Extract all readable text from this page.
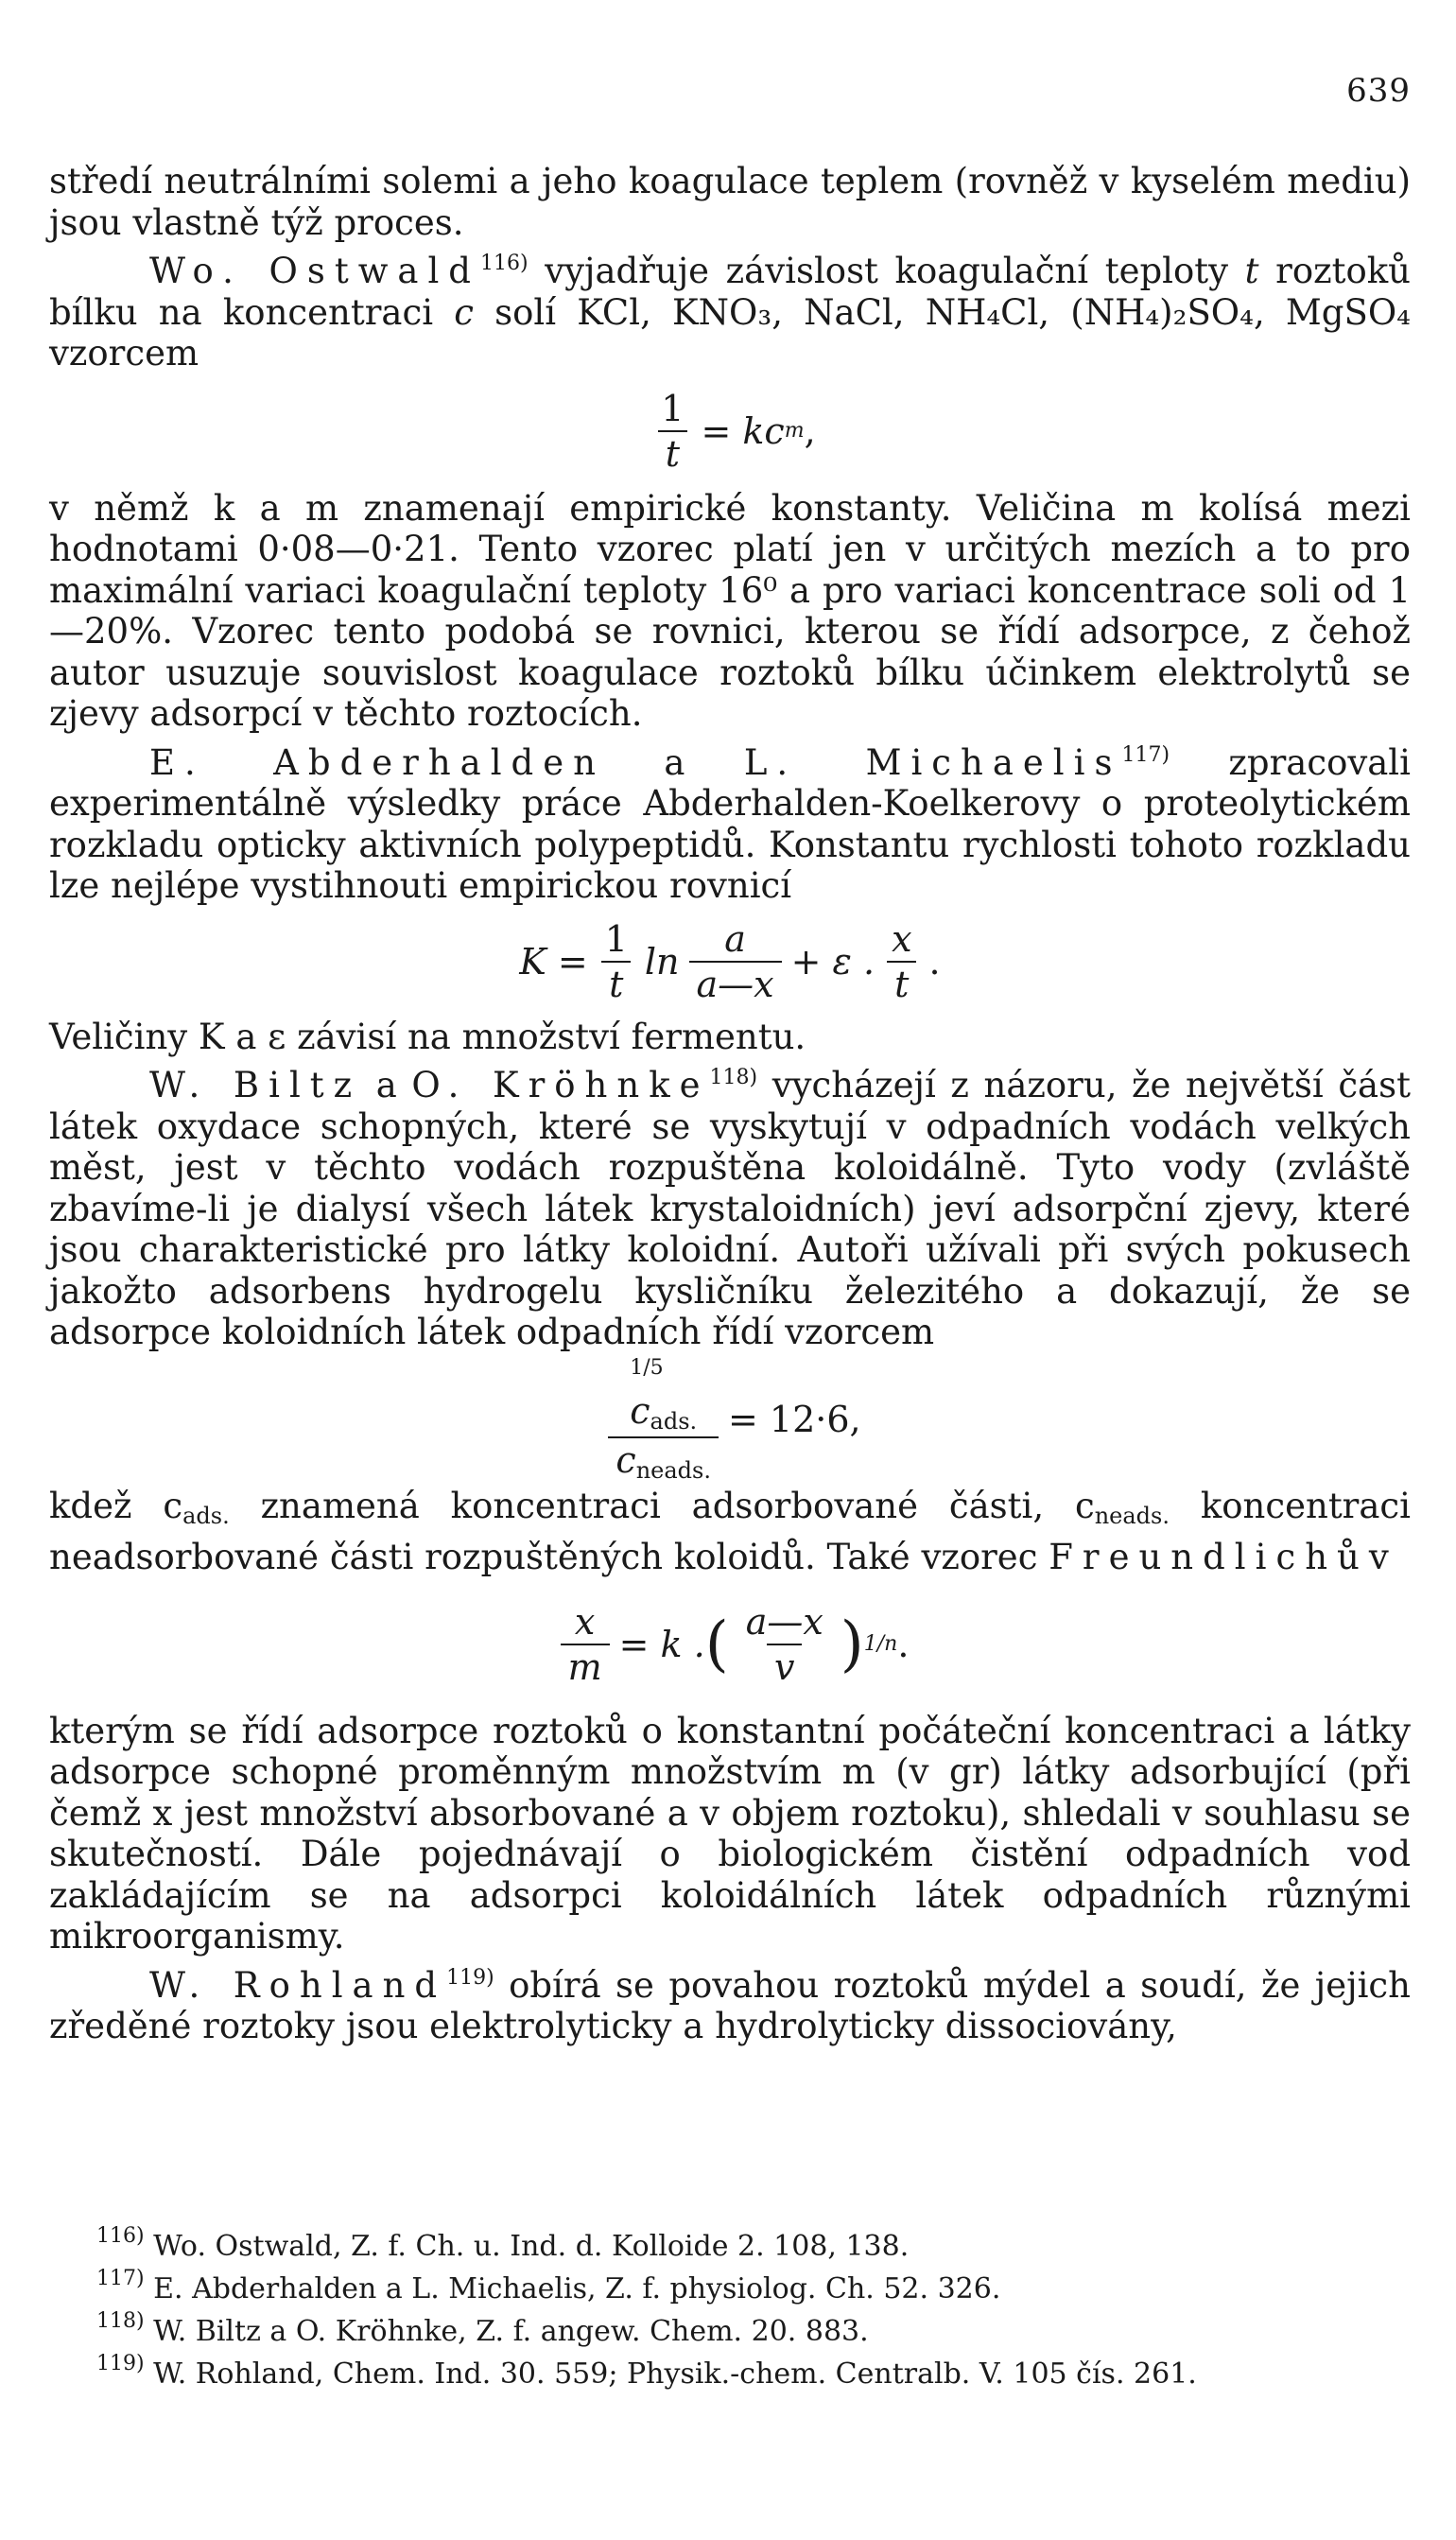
639

středí neutrálními solemi a jeho koagulace teplem (rovněž v kyselém mediu) jsou vlastně týž proces.

Wo. Ostwald$^{116)}$ vyjadřuje závislost koagulační teploty t roztoků bílku na koncentraci c solí KCl, KNO₃, NaCl, NH₄Cl, (NH₄)₂SO₄, MgSO₄ vzorcem

$\frac{1}{t}$ = kc m ,

v němž k a m znamenají empirické konstanty. Veličina m kolísá mezi hodnotami 0·08—0·21. Tento vzorec platí jen v určitých mezích a to pro maximální variaci koagulační teploty 16⁰ a pro variaci koncentrace soli od 1—20%. Vzorec tento podobá se rovnici, kterou se řídí adsorpce, z čehož autor usuzuje souvislost koagulace roztoků bílku účinkem elektrolytů se zjevy adsorpcí v těchto roztocích.

E. Abderhalden a L. Michaelis$^{117)}$ zpracovali experimentálně výsledky práce Abderhalden-Koelkerovy o proteolytickém rozkladu opticky aktivních polypeptidů. Konstantu rychlosti tohoto rozkladu lze nejlépe vystihnouti empirickou rovnicí

$K = \frac{1}{t}$ $\ln \frac{a}{a—x} + \varepsilon$ . $\frac{x}{t}$ .

Veličiny K a ε závisí na množství fermentu.

W. Biltz a O. Kröhnke$^{118)}$ vycházejí z názoru, že největší část látek oxydace schopných, které se vyskytují v odpadních vodách velkých měst, jest v těchto vodách rozpuštěna koloidálně. Tyto vody (zvláště zbavíme-li je dialysí všech látek krystaloidních) jeví adsorpční zjevy, které jsou charakteristické pro látky koloidní. Autoři užívali při svých pokusech jakožto adsorbens hydrogelu kysličníku železitého a dokazují, že se adsorpce koloidních látek odpadních řídí vzorcem

$^{1/5}$
$c_{ads.}$
$c_{neads.}$
= 12·6,

kdež $c_{ads.}$ znamená koncentraci adsorbované části, $c_{neads.}$ koncentraci neadsorbované části rozpuštěných koloidů. Také vzorec Freundlichův

$\frac{x}{m} = k$ . ( $\frac{a—x}{v}$ ) 1/n .

kterým se řídí adsorpce roztoků o konstantní počáteční koncentraci a látky adsorpce schopné proměnným množstvím m (v gr) látky adsorbující (při čemž x jest množství absorbované a v objem roztoku), shledali v souhlasu se skutečností. Dále pojednávají o biologickém čistění odpadních vod zakládajícím se na adsorpci koloidálních látek odpadních různými mikroorganismy.

W. Rohland$^{119)}$ obírá se povahou roztoků mýdel a soudí, že jejich zředěné roztoky jsou elektrolyticky a hydrolyticky dissociovány,

$^{116)}$ Wo. Ostwald, Z. f. Ch. u. Ind. d. Kolloide 2. 108, 138.

$^{117)}$ E. Abderhalden a L. Michaelis, Z. f. physiolog. Ch. 52. 326.

$^{118)}$ W. Biltz a O. Kröhnke, Z. f. angew. Chem. 20. 883.

$^{119)}$ W. Rohland, Chem. Ind. 30. 559; Physik.-chem. Centralb. V. 105 čís. 261.
